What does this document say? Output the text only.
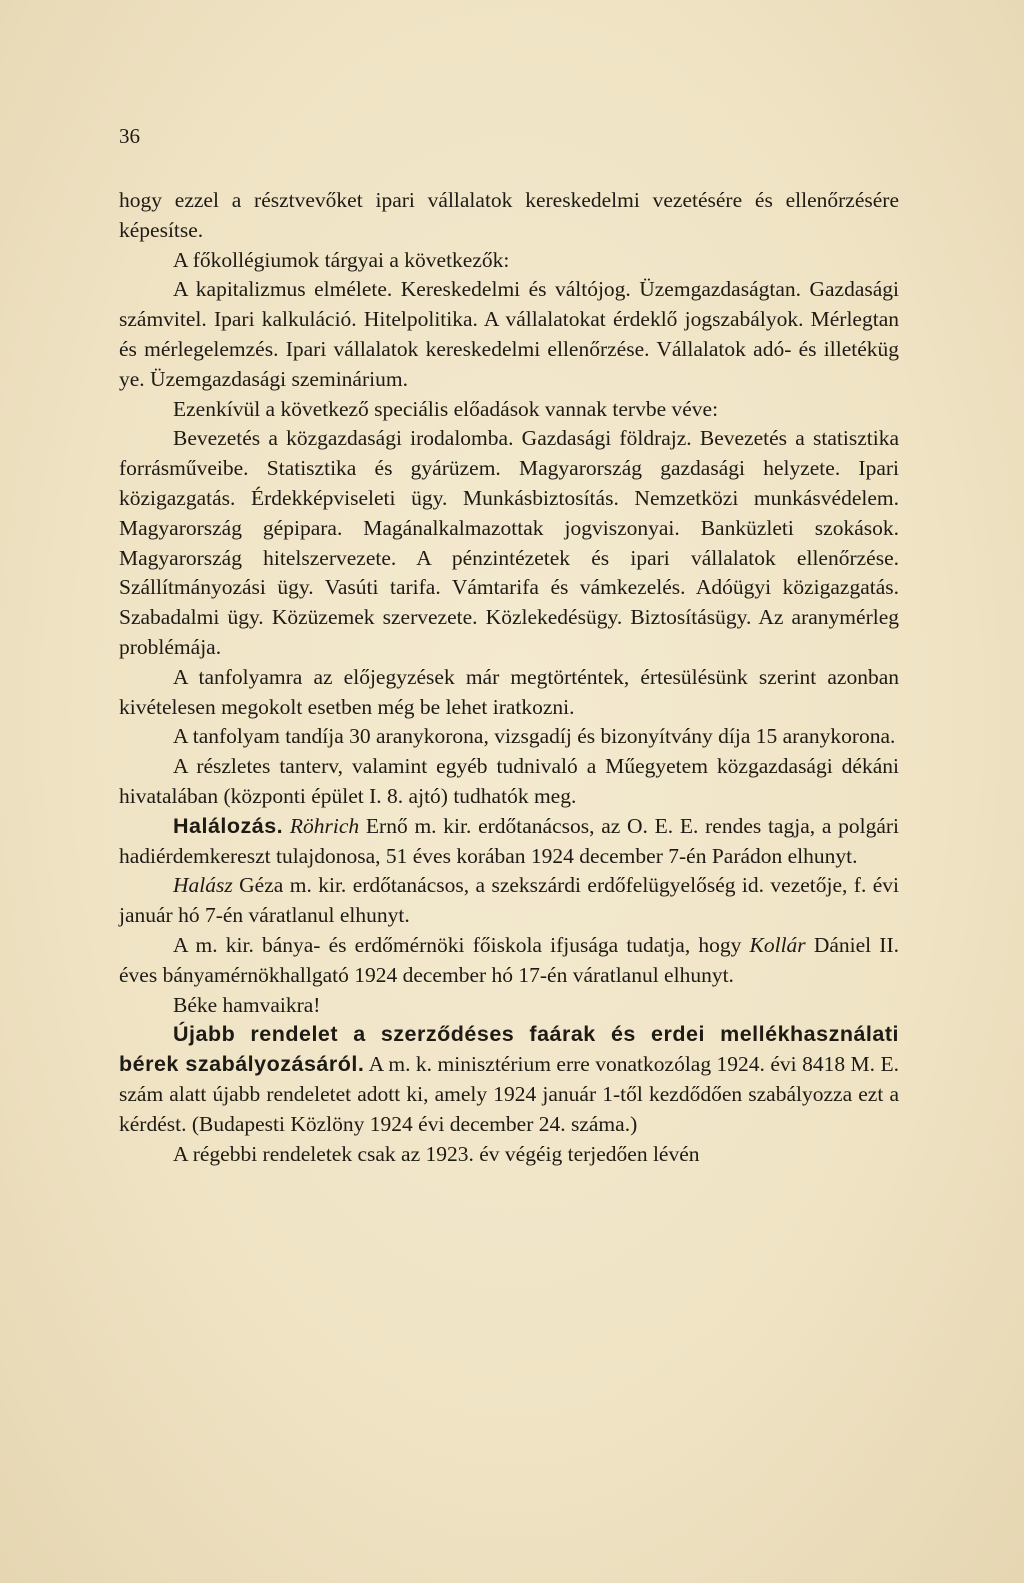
36

hogy ezzel a résztvevőket ipari vállalatok kereskedelmi vezetésére és ellenőrzésére képesítse.

A főkollégiumok tárgyai a következők:

A kapitalizmus elmélete. Kereskedelmi és váltójog. Üzemgazdaságtan. Gazdasági számvitel. Ipari kalkuláció. Hitelpolitika. A vállalatokat érdeklő jogszabályok. Mérlegtan és mérlegelemzés. Ipari vállalatok kereskedelmi ellenőrzése. Vállalatok adó- és illetéküg ye. Üzemgazdasági szeminárium.

Ezenkívül a következő speciális előadások vannak tervbe véve:

Bevezetés a közgazdasági irodalomba. Gazdasági földrajz. Bevezetés a statisztika forrásműveibe. Statisztika és gyárüzem. Magyarország gazdasági helyzete. Ipari közigazgatás. Érdekképviseleti ügy. Munkásbiztosítás. Nemzetközi munkásvédelem. Magyarország gépipara. Magánalkalmazottak jogviszonyai. Banküzleti szokások. Magyarország hitelszervezete. A pénzintézetek és ipari vállalatok ellenőrzése. Szállítmányozási ügy. Vasúti tarifa. Vámtarifa és vámkezelés. Adóügyi közigazgatás. Szabadalmi ügy. Közüzemek szervezete. Közlekedésügy. Biztosításügy. Az aranymérleg problémája.

A tanfolyamra az előjegyzések már megtörténtek, értesülésünk szerint azonban kivételesen megokolt esetben még be lehet iratkozni.

A tanfolyam tandíja 30 aranykorona, vizsgadíj és bizonyítvány díja 15 aranykorona.

A részletes tanterv, valamint egyéb tudnivaló a Műegyetem közgazdasági dékáni hivatalában (központi épület I. 8. ajtó) tudhatók meg.

Halálozás. Röhrich Ernő m. kir. erdőtanácsos, az O. E. E. rendes tagja, a polgári hadiérdemkereszt tulajdonosa, 51 éves korában 1924 december 7-én Parádon elhunyt.

Halász Géza m. kir. erdőtanácsos, a szekszárdi erdőfelügyelőség id. vezetője, f. évi január hó 7-én váratlanul elhunyt.

A m. kir. bánya- és erdőmérnöki főiskola ifjusága tudatja, hogy Kollár Dániel II. éves bányamérnökhallgató 1924 december hó 17-én váratlanul elhunyt.

Béke hamvaikra!

Újabb rendelet a szerződéses faárak és erdei mellékhasználati bérek szabályozásáról. A m. k. minisztérium erre vonatkozólag 1924. évi 8418 M. E. szám alatt újabb rendeletet adott ki, amely 1924 január 1-től kezdődően szabályozza ezt a kérdést. (Budapesti Közlöny 1924 évi december 24. száma.)

A régebbi rendeletek csak az 1923. év végéig terjedően lévén
